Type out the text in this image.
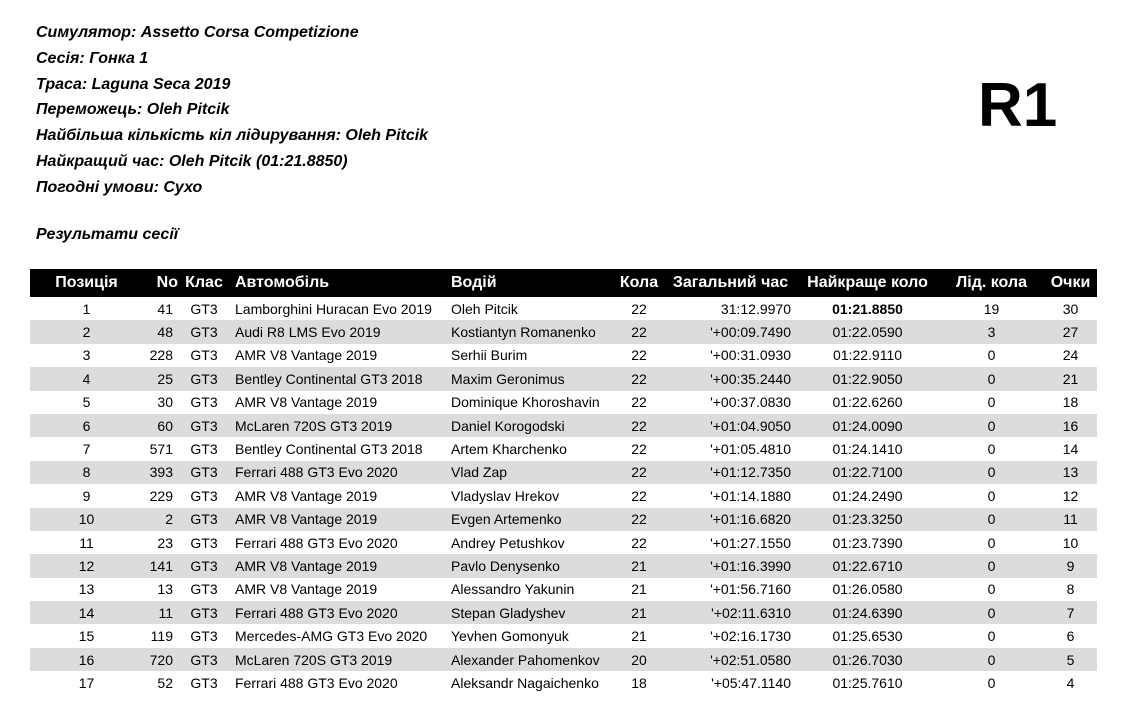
Симулятор: Assetto Corsa Competizione
Сесія: Гонка 1
Траса: Laguna Seca 2019
Переможець: Oleh Pitcik
Найбільша кількість кіл лідирування: Oleh Pitcik
Найкращий час: Oleh Pitcik (01:21.8850)
Погодні умови: Сухо
R1
Результати сесії
Позиція	No	Клас	Автомобіль	Водій	Кола	Загальний час	Найкраще коло	Лід. кола	Очки
1	41	GT3	Lamborghini Huracan Evo 2019	Oleh Pitcik	22	31:12.9970	01:21.8850	19	30
2	48	GT3	Audi R8 LMS Evo 2019	Kostiantyn Romanenko	22	'+00:09.7490	01:22.0590	3	27
3	228	GT3	AMR V8 Vantage 2019	Serhii Burim	22	'+00:31.0930	01:22.9110	0	24
4	25	GT3	Bentley Continental GT3 2018	Maxim Geronimus	22	'+00:35.2440	01:22.9050	0	21
5	30	GT3	AMR V8 Vantage 2019	Dominique Khoroshavin	22	'+00:37.0830	01:22.6260	0	18
6	60	GT3	McLaren 720S GT3 2019	Daniel Korogodski	22	'+01:04.9050	01:24.0090	0	16
7	571	GT3	Bentley Continental GT3 2018	Artem Kharchenko	22	'+01:05.4810	01:24.1410	0	14
8	393	GT3	Ferrari 488 GT3 Evo 2020	Vlad Zap	22	'+01:12.7350	01:22.7100	0	13
9	229	GT3	AMR V8 Vantage 2019	Vladyslav Hrekov	22	'+01:14.1880	01:24.2490	0	12
10	2	GT3	AMR V8 Vantage 2019	Evgen Artemenko	22	'+01:16.6820	01:23.3250	0	11
11	23	GT3	Ferrari 488 GT3 Evo 2020	Andrey Petushkov	22	'+01:27.1550	01:23.7390	0	10
12	141	GT3	AMR V8 Vantage 2019	Pavlo Denysenko	21	'+01:16.3990	01:22.6710	0	9
13	13	GT3	AMR V8 Vantage 2019	Alessandro Yakunin	21	'+01:56.7160	01:26.0580	0	8
14	11	GT3	Ferrari 488 GT3 Evo 2020	Stepan Gladyshev	21	'+02:11.6310	01:24.6390	0	7
15	119	GT3	Mercedes-AMG GT3 Evo 2020	Yevhen Gomonyuk	21	'+02:16.1730	01:25.6530	0	6
16	720	GT3	McLaren 720S GT3 2019	Alexander Pahomenkov	20	'+02:51.0580	01:26.7030	0	5
17	52	GT3	Ferrari 488 GT3 Evo 2020	Aleksandr Nagaichenko	18	'+05:47.1140	01:25.7610	0	4
